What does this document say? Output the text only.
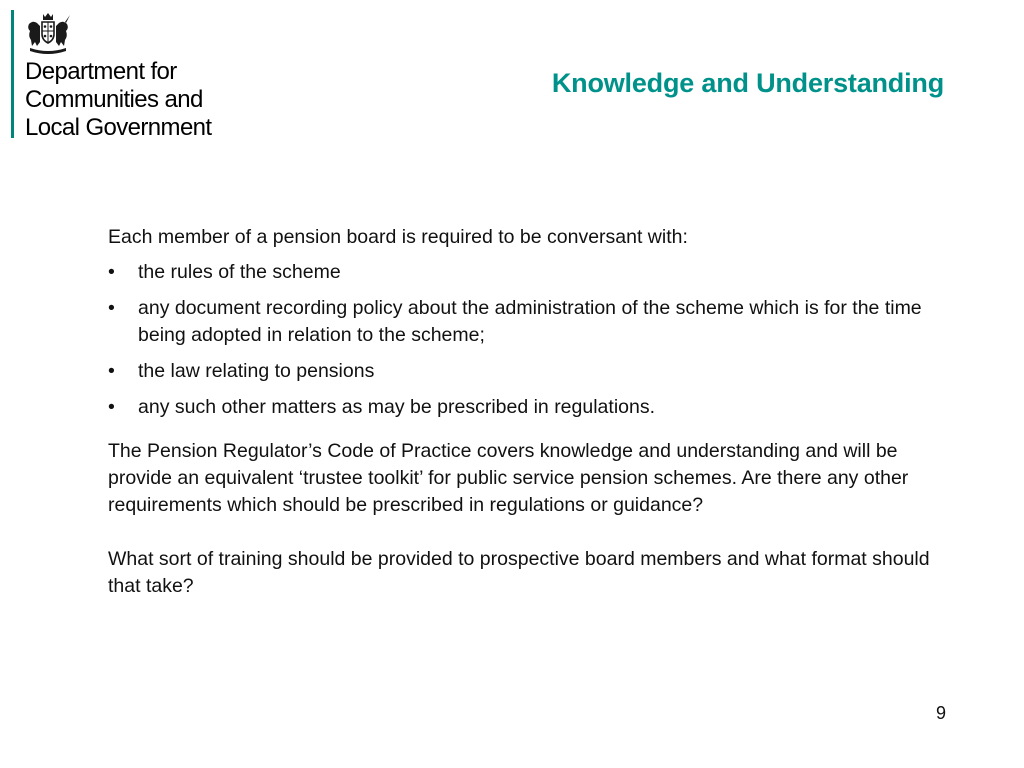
Department for
Communities and
Local Government
Knowledge and Understanding

Each member of a pension board is required to be conversant with:

• the rules of the scheme
• any document recording policy about the administration of the scheme which is for the time being adopted in relation to the scheme;
• the law relating to pensions
• any such other matters as may be prescribed in regulations.

The Pension Regulator’s Code of Practice covers knowledge and understanding and will be provide an equivalent ‘trustee toolkit’ for public service pension schemes. Are there any other requirements which should be prescribed in regulations or guidance?

What sort of training should be provided to prospective board members and what format should that take?

9
